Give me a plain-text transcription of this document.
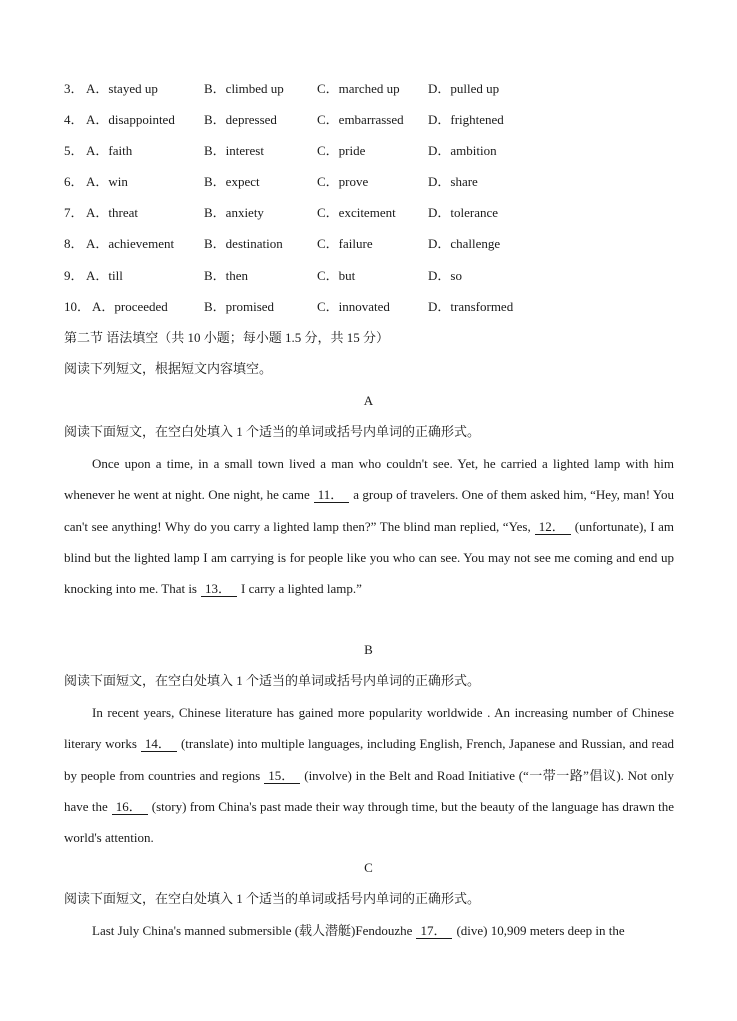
3． A．stayed up	B．climbed up	C．marched up D．pulled up
4． A．disappointed B．depressed	C．embarrassed D．frightened
5． A．faith	B．interest	C．pride	D．ambition
6． A．win	B．expect	C．prove	D．share
7． A．threat	B．anxiety	C．excitement D．tolerance
8． A．achievement B．destination	C．failure	D．challenge
9． A．till	B．then	C．but	D．so
10． A．proceeded	B．promised	C．innovated	D．transformed
第二节 语法填空（共 10 小题；每小题 1.5 分，共 15 分）
阅读下列短文，根据短文内容填空。
A
阅读下面短文，在空白处填入 1 个适当的单词或括号内单词的正确形式。

Once upon a time, in a small town lived a man who couldn't see. Yet, he carried a lighted lamp with him whenever he went at night. One night, he came 11． a group of travelers. One of them asked him, “Hey, man! You can't see anything! Why do you carry a lighted lamp then?” The blind man replied, “Yes, 12． (unfortunate), I am blind but the lighted lamp I am carrying is for people like you who can see. You may not see me coming and end up knocking into me. That is 13． I carry a lighted lamp.”

B
阅读下面短文，在空白处填入 1 个适当的单词或括号内单词的正确形式。

In recent years, Chinese literature has gained more popularity worldwide . An increasing number of Chinese literary works 14． (translate) into multiple languages, including English, French, Japanese and Russian, and read by people from countries and regions 15． (involve) in the Belt and Road Initiative (“一带一路”倡议). Not only have the 16． (story) from China's past made their way through time, but the beauty of the language has drawn the world's attention.

C
阅读下面短文，在空白处填入 1 个适当的单词或括号内单词的正确形式。

Last July China's manned submersible (载人潜艇)Fendouzhe 17． (dive) 10,909 meters deep in the
